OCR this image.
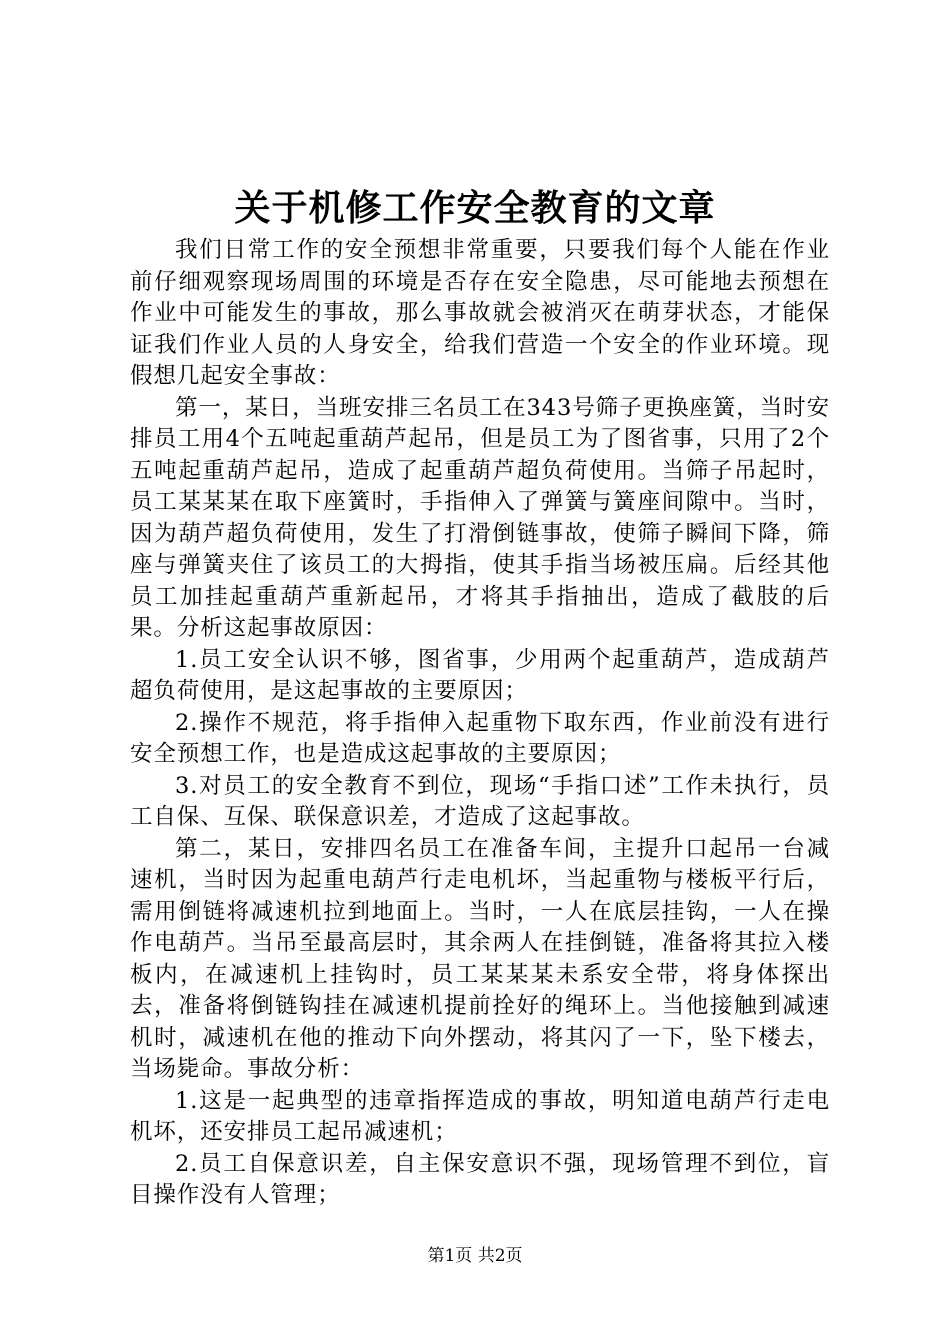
关于机修工作安全教育的文章

我们日常工作的安全预想非常重要，只要我们每个人能在作业前仔细观察现场周围的环境是否存在安全隐患，尽可能地去预想在作业中可能发生的事故，那么事故就会被消灭在萌芽状态，才能保证我们作业人员的人身安全，给我们营造一个安全的作业环境。现假想几起安全事故：

第一，某日，当班安排三名员工在343号筛子更换座簧，当时安排员工用4个五吨起重葫芦起吊，但是员工为了图省事，只用了2个五吨起重葫芦起吊，造成了起重葫芦超负荷使用。当筛子吊起时，员工某某某在取下座簧时，手指伸入了弹簧与簧座间隙中。当时，因为葫芦超负荷使用，发生了打滑倒链事故，使筛子瞬间下降，筛座与弹簧夹住了该员工的大拇指，使其手指当场被压扁。后经其他员工加挂起重葫芦重新起吊，才将其手指抽出，造成了截肢的后果。分析这起事故原因：

1.员工安全认识不够，图省事，少用两个起重葫芦，造成葫芦超负荷使用，是这起事故的主要原因；

2.操作不规范，将手指伸入起重物下取东西，作业前没有进行安全预想工作，也是造成这起事故的主要原因；

3.对员工的安全教育不到位，现场“手指口述”工作未执行，员工自保、互保、联保意识差，才造成了这起事故。

第二，某日，安排四名员工在准备车间，主提升口起吊一台减速机，当时因为起重电葫芦行走电机坏，当起重物与楼板平行后，需用倒链将减速机拉到地面上。当时，一人在底层挂钩，一人在操作电葫芦。当吊至最高层时，其余两人在挂倒链，准备将其拉入楼板内，在减速机上挂钩时，员工某某某未系安全带，将身体探出去，准备将倒链钩挂在减速机提前拴好的绳环上。当他接触到减速机时，减速机在他的推动下向外摆动，将其闪了一下，坠下楼去，当场毙命。事故分析：

1.这是一起典型的违章指挥造成的事故，明知道电葫芦行走电机坏，还安排员工起吊减速机；

2.员工自保意识差，自主保安意识不强，现场管理不到位，盲目操作没有人管理；

第1页 共2页
